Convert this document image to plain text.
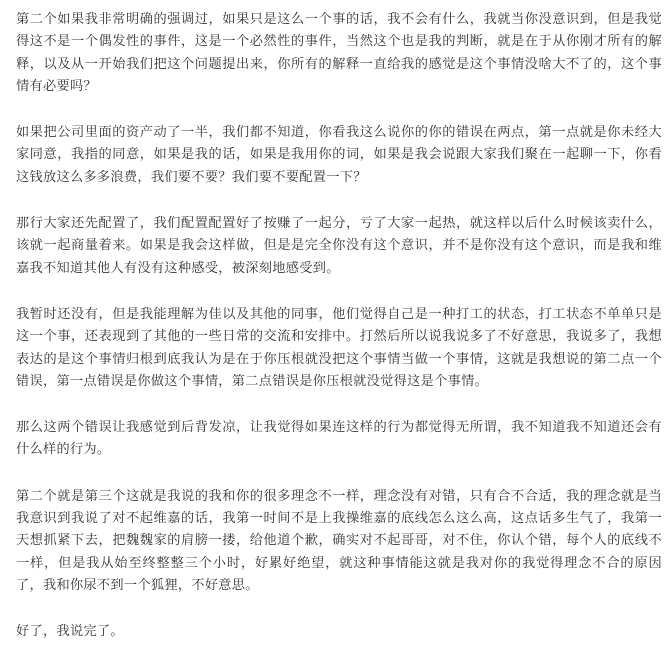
第二个如果我非常明确的强调过，如果只是这么一个事的话，我不会有什么，我就当你没意识到，但是我觉得这不是一个偶发性的事件，这是一个必然性的事件，当然这个也是我的判断，就是在于从你刚才所有的解释，以及从一开始我们把这个问题提出来，你所有的解释一直给我的感觉是这个事情没啥大不了的，这个事情有必要吗？

如果把公司里面的资产动了一半，我们都不知道，你看我这么说你的你的错误在两点，第一点就是你未经大家同意，我指的同意，如果是我的话，如果是我用你的词，如果是我会说跟大家我们聚在一起聊一下，你看这钱放这么多多浪费，我们要不要？我们要不要配置一下？

那行大家还先配置了，我们配置配置好了按赚了一起分，亏了大家一起热，就这样以后什么时候该卖什么，该就一起商量着来。如果是我会这样做，但是是完全你没有这个意识，并不是你没有这个意识，而是我和维嘉我不知道其他人有没有这种感受，被深刻地感受到。

我暂时还没有，但是我能理解为佳以及其他的同事，他们觉得自己是一种打工的状态，打工状态不单单只是这一个事，还表现到了其他的一些日常的交流和安排中。打然后所以说我说多了不好意思，我说多了，我想表达的是这个事情归根到底我认为是在于你压根就没把这个事情当做一个事情，这就是我想说的第二点一个错误，第一点错误是你做这个事情，第二点错误是你压根就没觉得这是个事情。

那么这两个错误让我感觉到后背发凉，让我觉得如果连这样的行为都觉得无所谓，我不知道我不知道还会有什么样的行为。

第二个就是第三个这就是我说的我和你的很多理念不一样，理念没有对错，只有合不合适，我的理念就是当我意识到我说了对不起维嘉的话，我第一时间不是上我操维嘉的底线怎么这么高，这点话多生气了，我第一天想抓紧下去，把魏魏家的肩膀一搂，给他道个歉，确实对不起哥哥，对不住，你认个错，每个人的底线不一样，但是我从始至终整整三个小时，好累好绝望，就这种事情能这就是我对你的我觉得理念不合的原因了，我和你尿不到一个狐狸，不好意思。

好了，我说完了。
